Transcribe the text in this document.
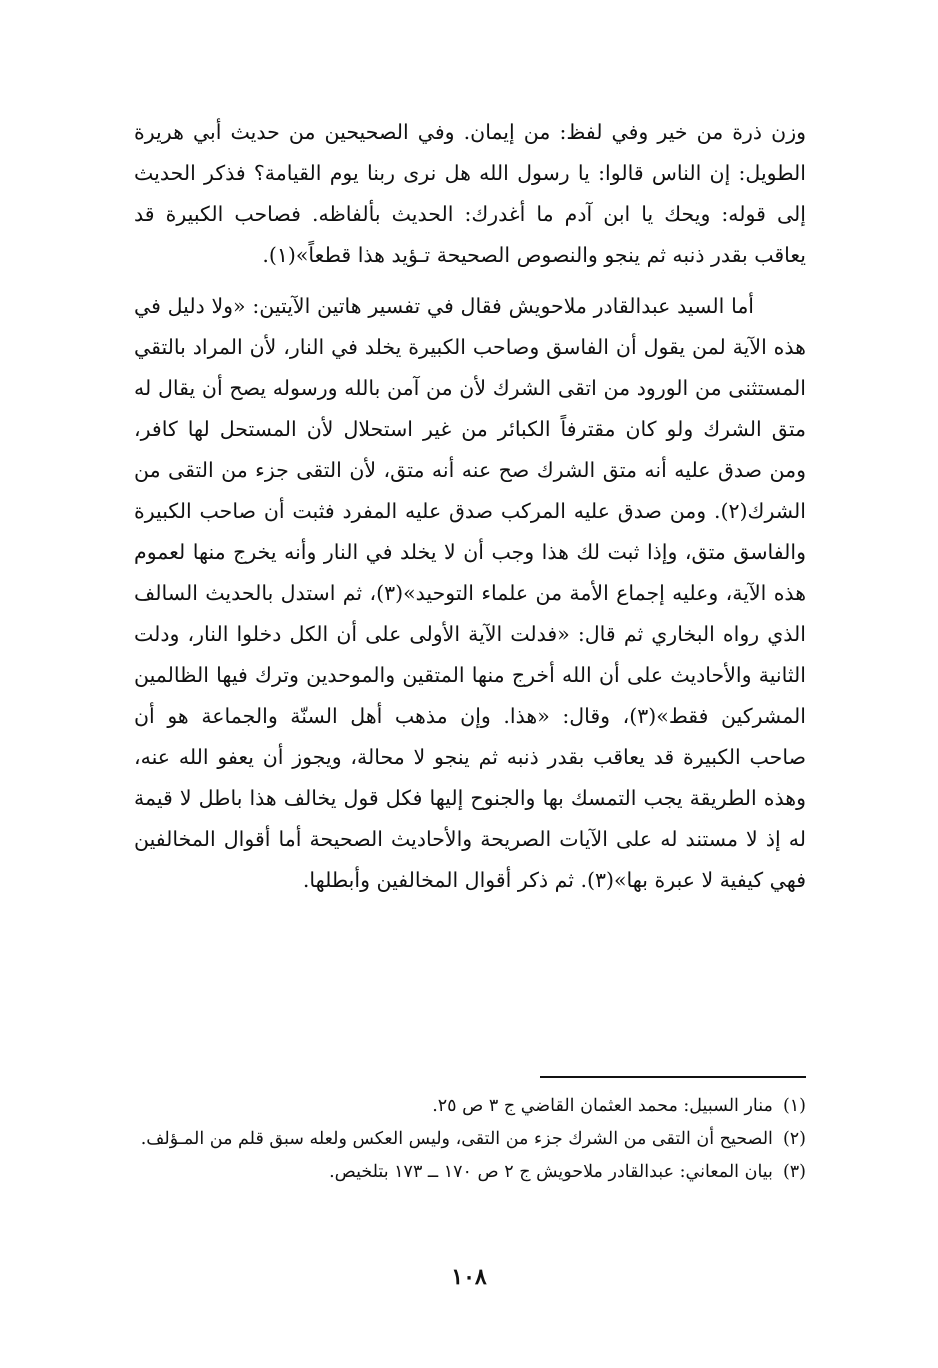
وزن ذرة من خير وفي لفظ: من إيمان. وفي الصحيحين من حديث أبي هريرة الطويل: إن الناس قالوا: يا رسول الله هل نرى ربنا يوم القيامة؟ فذكر الحديث إلى قوله: ويحك يا ابن آدم ما أغدرك: الحديث بألفاظه. فصاحب الكبيرة قد يعاقب بقدر ذنبه ثم ينجو والنصوص الصحيحة تـؤيد هذا قطعاً»(١).

أما السيد عبدالقادر ملاحويش فقال في تفسير هاتين الآيتين: «ولا دليل في هذه الآية لمن يقول أن الفاسق وصاحب الكبيرة يخلد في النار، لأن المراد بالتقي المستثنى من الورود من اتقى الشرك لأن من آمن بالله ورسوله يصح أن يقال له متق الشرك ولو كان مقترفاً الكبائر من غير استحلال لأن المستحل لها كافر، ومن صدق عليه أنه متق الشرك صح عنه أنه متق، لأن التقى جزء من التقى من الشرك(٢). ومن صدق عليه المركب صدق عليه المفرد فثبت أن صاحب الكبيرة والفاسق متق، وإذا ثبت لك هذا وجب أن لا يخلد في النار وأنه يخرج منها لعموم هذه الآية، وعليه إجماع الأمة من علماء التوحيد»(٣)، ثم استدل بالحديث السالف الذي رواه البخاري ثم قال: «فدلت الآية الأولى على أن الكل دخلوا النار، ودلت الثانية والأحاديث على أن الله أخرج منها المتقين والموحدين وترك فيها الظالمين المشركين فقط»(٣)، وقال: «هذا. وإن مذهب أهل السنّة والجماعة هو أن صاحب الكبيرة قد يعاقب بقدر ذنبه ثم ينجو لا محالة، ويجوز أن يعفو الله عنه، وهذه الطريقة يجب التمسك بها والجنوح إليها فكل قول يخالف هذا باطل لا قيمة له إذ لا مستند له على الآيات الصريحة والأحاديث الصحيحة أما أقوال المخالفين فهي كيفية لا عبرة بها»(٣). ثم ذكر أقوال المخالفين وأبطلها.

(١)
منار السبيل: محمد العثمان القاضي ج ٣ ص ٢٥.
(٢)
الصحيح أن التقى من الشرك جزء من التقى، وليس العكس ولعله سبق قلم من المـؤلف.
(٣)
بيان المعاني: عبدالقادر ملاحويش ج ٢ ص ١٧٠ ــ ١٧٣ بتلخيص.
١٠٨
